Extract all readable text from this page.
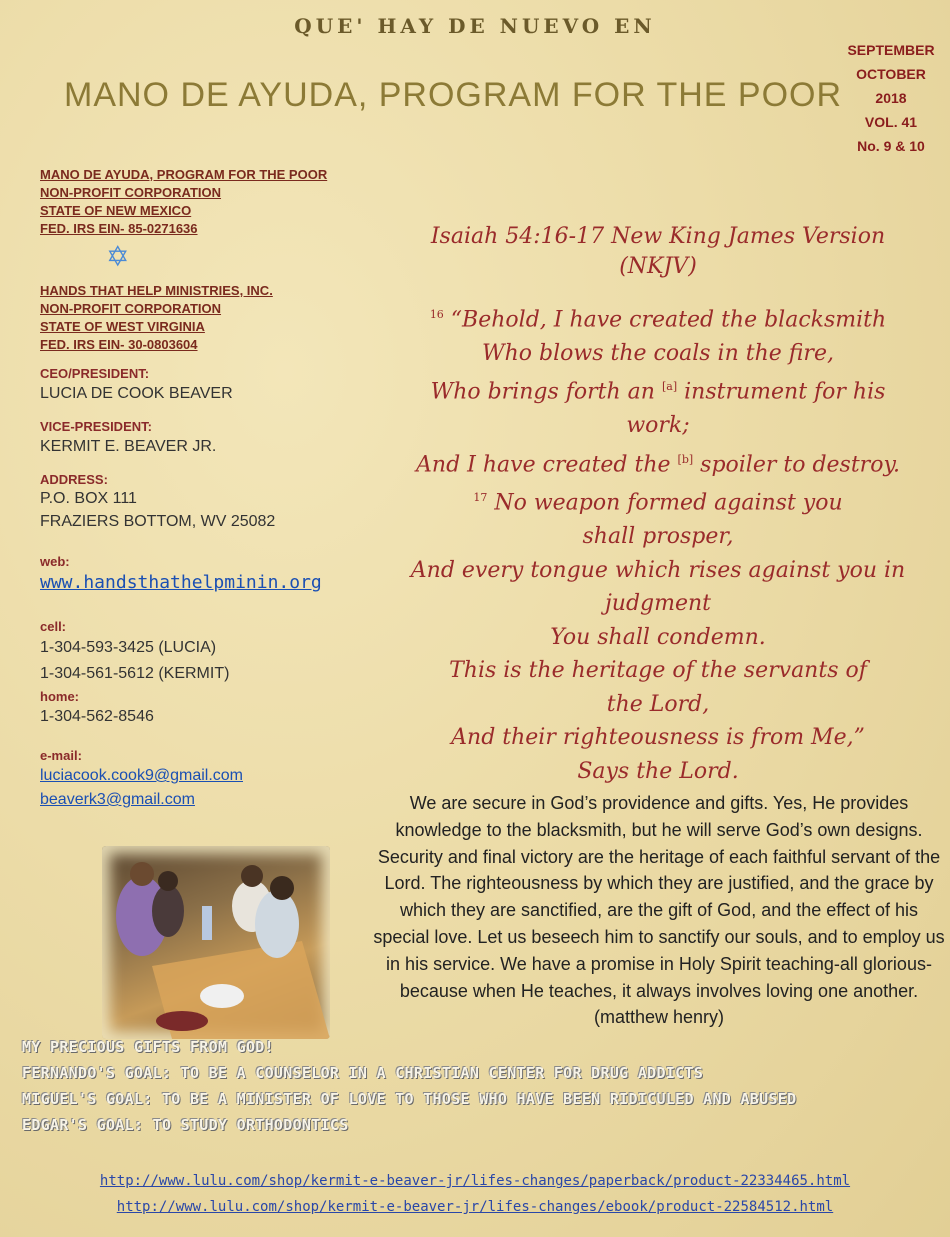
QUE' HAY DE NUEVO EN
MANO DE AYUDA, PROGRAM FOR THE POOR
SEPTEMBER
OCTOBER
2018
VOL. 41
No. 9 & 10
MANO DE AYUDA, PROGRAM FOR THE POOR
NON-PROFIT CORPORATION
STATE OF NEW MEXICO
FED. IRS EIN- 85-0271636
✡
HANDS THAT HELP MINISTRIES, INC.
NON-PROFIT CORPORATION
STATE OF WEST VIRGINIA
FED. IRS EIN- 30-0803604
CEO/PRESIDENT:
LUCIA DE COOK BEAVER
VICE-PRESIDENT:
KERMIT E. BEAVER JR.
ADDRESS:
P.O. BOX 111
FRAZIERS BOTTOM, WV 25082
web:
www.handsthathelpminin.org
cell:
1-304-593-3425 (LUCIA)
1-304-561-5612 (KERMIT)
home:
1-304-562-8546
e-mail:
luciacook.cook9@gmail.com
beaverk3@gmail.com
Isaiah 54:16-17 New King James Version
(NKJV)
$^{16}$ “Behold, I have created the blacksmith
Who blows the coals in the fire,
Who brings forth an [a] instrument for his
work;
And I have created the [b] spoiler to destroy.
$^{17}$ No weapon formed against you
shall prosper,
And every tongue which rises against you in
judgment
You shall condemn.
This is the heritage of the servants of
the Lord,
And their righteousness is from Me,”
Says the Lord.
We are secure in God’s providence and gifts. Yes, He provides knowledge to the blacksmith, but he will serve God’s own designs. Security and final victory are the heritage of each faithful servant of the Lord. The righteousness by which they are justified, and the grace by which they are sanctified, are the gift of God, and the effect of his special love. Let us beseech him to sanctify our souls, and to employ us in his service. We have a promise in Holy Spirit teaching-all glorious-because when He teaches, it always involves loving one another. (matthew henry)
MY PRECIOUS GIFTS FROM GOD!
FERNANDO'S GOAL: TO BE A COUNSELOR IN A CHRISTIAN CENTER FOR DRUG ADDICTS
MIGUEL'S GOAL: TO BE A MINISTER OF LOVE TO THOSE WHO HAVE BEEN RIDICULED AND ABUSED
EDGAR'S GOAL: TO STUDY ORTHODONTICS
http://www.lulu.com/shop/kermit-e-beaver-jr/lifes-changes/paperback/product-22334465.html
http://www.lulu.com/shop/kermit-e-beaver-jr/lifes-changes/ebook/product-22584512.html
